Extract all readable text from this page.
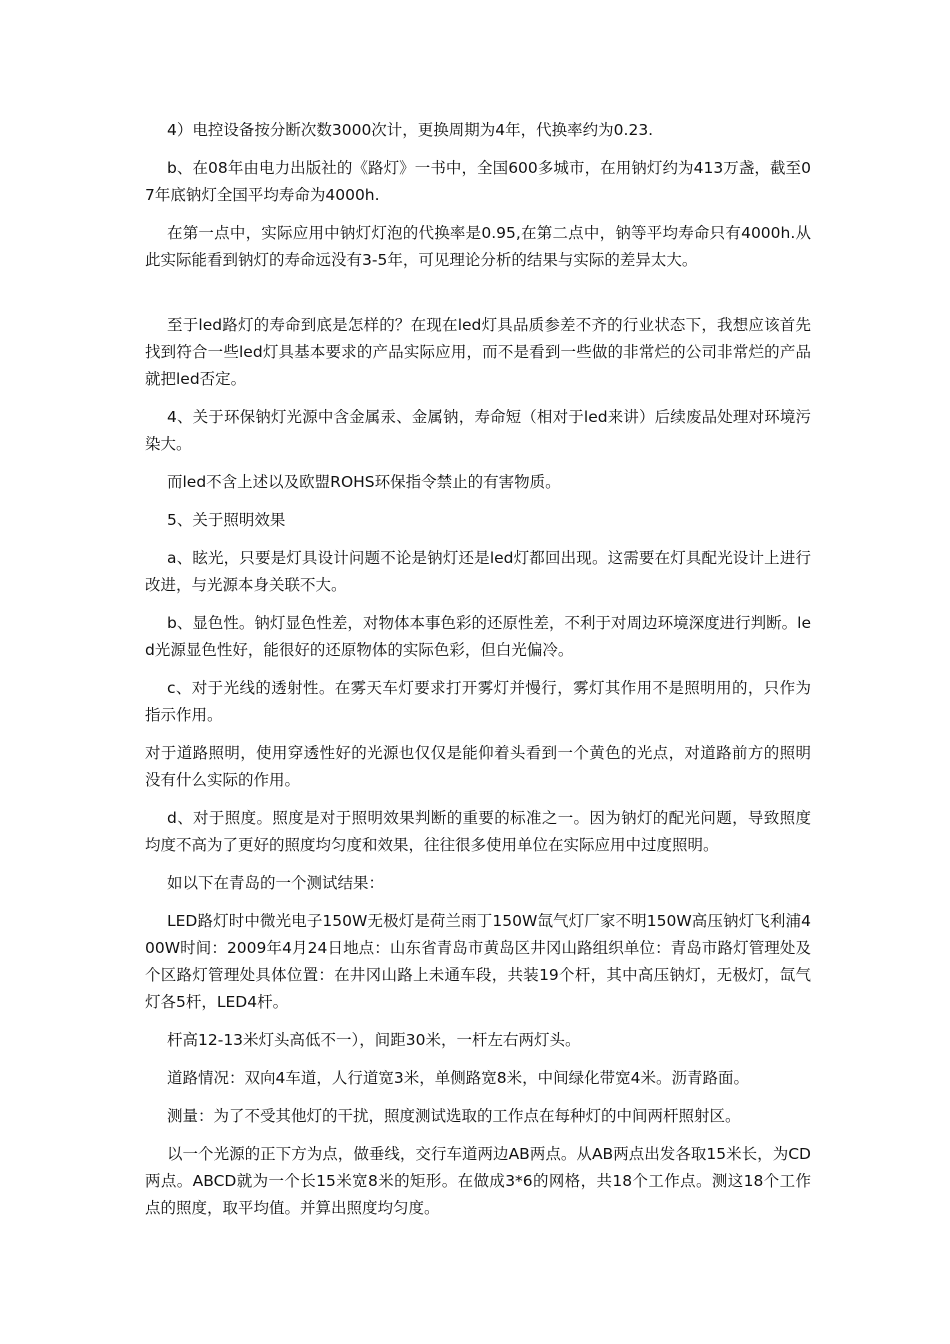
4）电控设备按分断次数3000次计，更换周期为4年，代换率约为0.23.

b、在08年由电力出版社的《路灯》一书中，全国600多城市，在用钠灯约为413万盏，截至07年底钠灯全国平均寿命为4000h.

在第一点中，实际应用中钠灯灯泡的代换率是0.95,在第二点中，钠等平均寿命只有4000h.从此实际能看到钠灯的寿命远没有3-5年，可见理论分析的结果与实际的差异太大。

至于led路灯的寿命到底是怎样的？在现在led灯具品质参差不齐的行业状态下，我想应该首先找到符合一些led灯具基本要求的产品实际应用，而不是看到一些做的非常烂的公司非常烂的产品就把led否定。

4、关于环保钠灯光源中含金属汞、金属钠，寿命短（相对于led来讲）后续废品处理对环境污染大。

而led不含上述以及欧盟ROHS环保指令禁止的有害物质。

5、关于照明效果

a、眩光，只要是灯具设计问题不论是钠灯还是led灯都回出现。这需要在灯具配光设计上进行改进，与光源本身关联不大。

b、显色性。钠灯显色性差，对物体本事色彩的还原性差，不利于对周边环境深度进行判断。led光源显色性好，能很好的还原物体的实际色彩，但白光偏冷。

c、对于光线的透射性。在雾天车灯要求打开雾灯并慢行，雾灯其作用不是照明用的，只作为指示作用。

对于道路照明，使用穿透性好的光源也仅仅是能仰着头看到一个黄色的光点，对道路前方的照明没有什么实际的作用。

d、对于照度。照度是对于照明效果判断的重要的标准之一。因为钠灯的配光问题，导致照度均度不高为了更好的照度均匀度和效果，往往很多使用单位在实际应用中过度照明。

如以下在青岛的一个测试结果：

LED路灯时中微光电子150W无极灯是荷兰雨丁150W氙气灯厂家不明150W高压钠灯飞利浦400W时间：2009年4月24日地点：山东省青岛市黄岛区井冈山路组织单位：青岛市路灯管理处及个区路灯管理处具体位置：在井冈山路上未通车段，共装19个杆，其中高压钠灯，无极灯，氙气灯各5杆，LED4杆。

杆高12-13米灯头高低不一），间距30米，一杆左右两灯头。

道路情况：双向4车道，人行道宽3米，单侧路宽8米，中间绿化带宽4米。沥青路面。

测量：为了不受其他灯的干扰，照度测试选取的工作点在每种灯的中间两杆照射区。

以一个光源的正下方为点，做垂线，交行车道两边AB两点。从AB两点出发各取15米长，为CD两点。ABCD就为一个长15米宽8米的矩形。在做成3*6的网格，共18个工作点。测这18个工作点的照度，取平均值。并算出照度均匀度。
